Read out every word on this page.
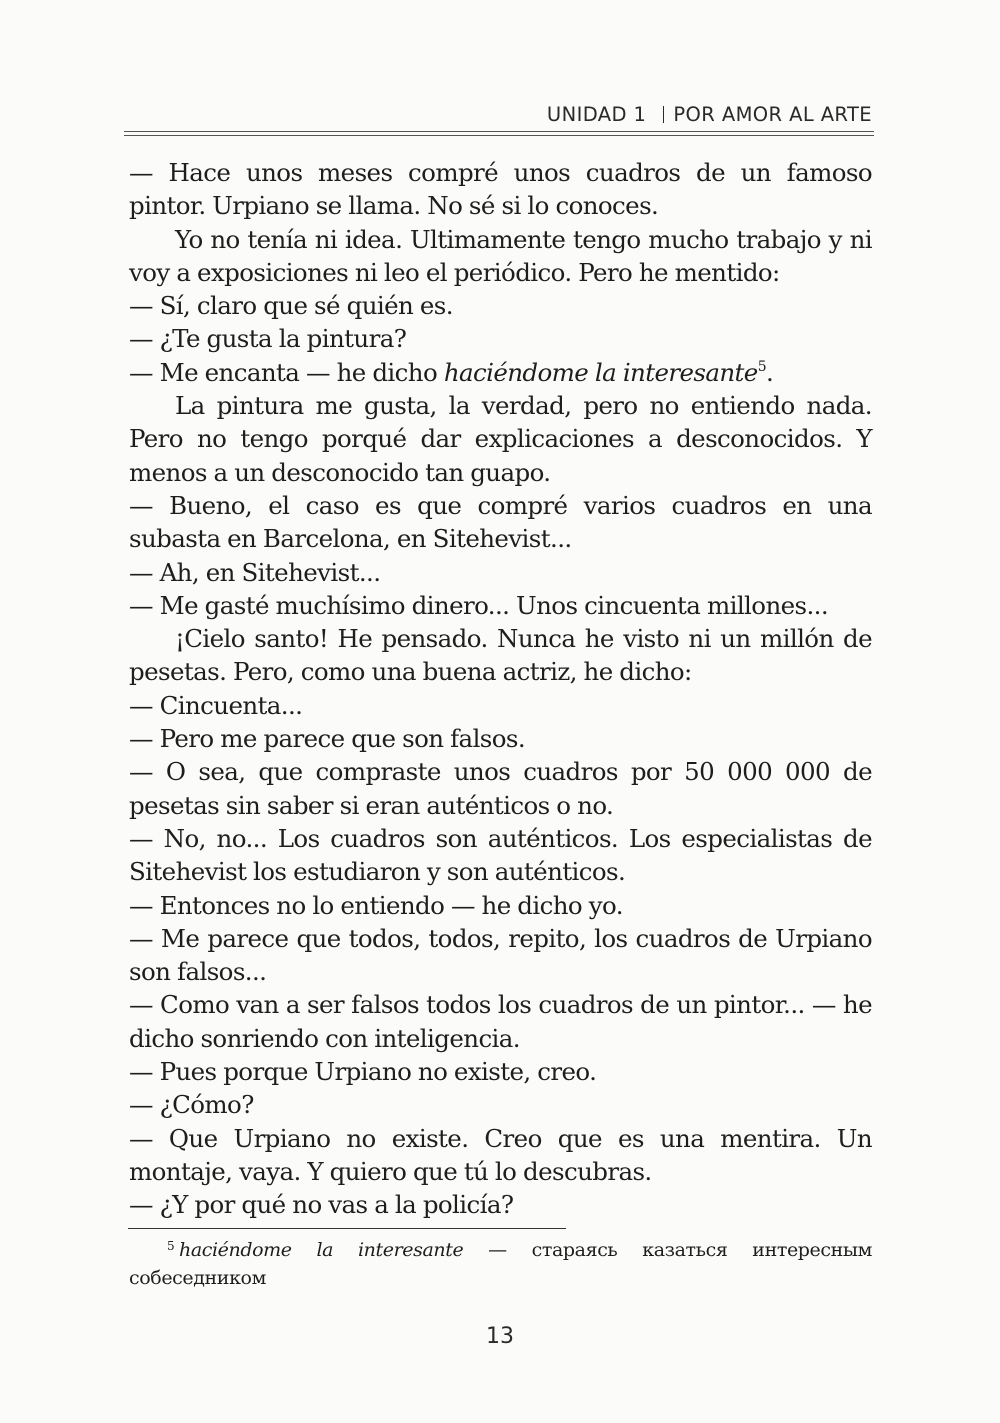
UNIDAD 1 POR AMOR AL ARTE

— Hace unos meses compré unos cuadros de un famoso pintor. Urpiano se llama. No sé si lo conoces.

Yo no tenía ni idea. Ultimamente tengo mucho trabajo y ni voy a exposiciones ni leo el periódico. Pero he mentido:

— Sí, claro que sé quién es.

— ¿Te gusta la pintura?

— Me encanta — he dicho haciéndome la interesante$^5$.

La pintura me gusta, la verdad, pero no entiendo nada. Pero no tengo porqué dar explicaciones a desconocidos. Y menos a un desconocido tan guapo.

— Bueno, el caso es que compré varios cuadros en una subasta en Barcelona, en Sitehevist...

— Ah, en Sitehevist...

— Me gasté muchísimo dinero... Unos cincuenta millones...

¡Cielo santo! He pensado. Nunca he visto ni un millón de pesetas. Pero, como una buena actriz, he dicho:

— Cincuenta...

— Pero me parece que son falsos.

— O sea, que compraste unos cuadros por 50 000 000 de pesetas sin saber si eran auténticos o no.

— No, no... Los cuadros son auténticos. Los especialistas de Sitehevist los estudiaron y son auténticos.

— Entonces no lo entiendo — he dicho yo.

— Me parece que todos, todos, repito, los cuadros de Urpiano son falsos...

— Como van a ser falsos todos los cuadros de un pintor... — he dicho sonriendo con inteligencia.

— Pues porque Urpiano no existe, creo.

— ¿Cómo?

— Que Urpiano no existe. Creo que es una mentira. Un montaje, vaya. Y quiero que tú lo descubras.

— ¿Y por qué no vas a la policía?

5 haciéndome la interesante — стараясь казаться интересным собеседником
13
